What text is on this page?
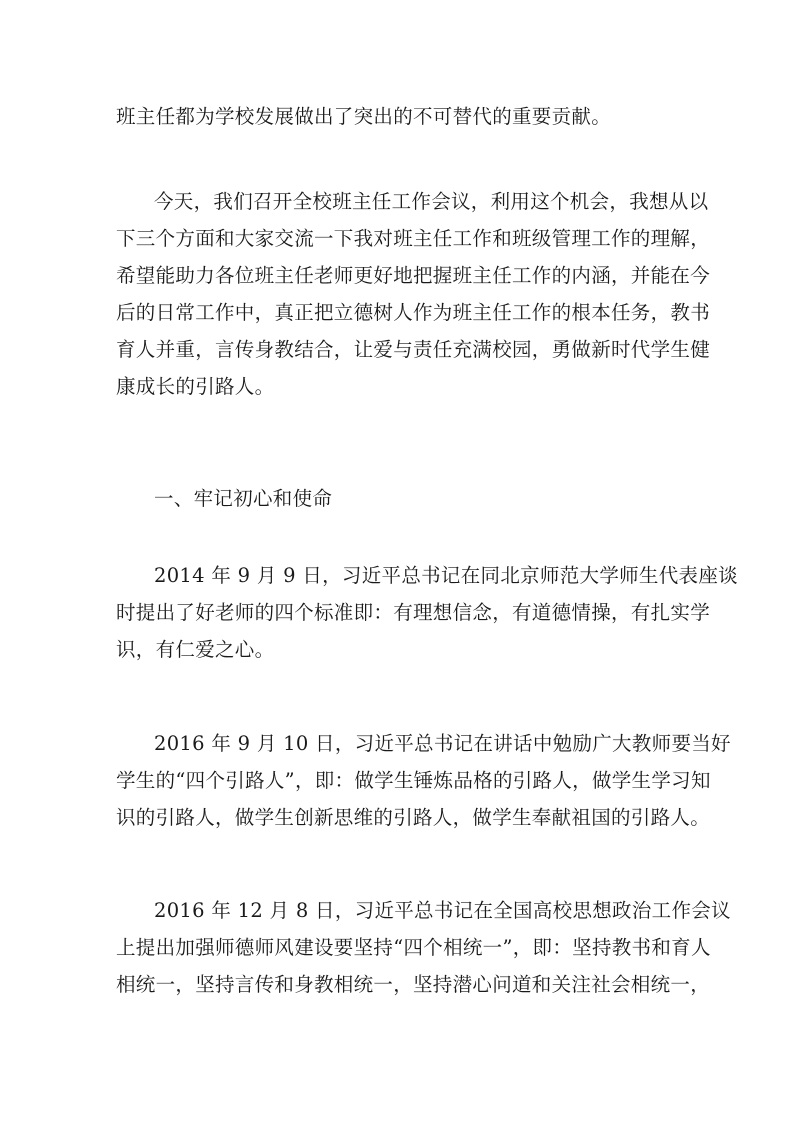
班主任都为学校发展做出了突出的不可替代的重要贡献。
今天，我们召开全校班主任工作会议，利用这个机会，我想从以
下三个方面和大家交流一下我对班主任工作和班级管理工作的理解，
希望能助力各位班主任老师更好地把握班主任工作的内涵，并能在今
后的日常工作中，真正把立德树人作为班主任工作的根本任务，教书
育人并重，言传身教结合，让爱与责任充满校园，勇做新时代学生健
康成长的引路人。
一、牢记初心和使命
2014 年 9 月 9 日，习近平总书记在同北京师范大学师生代表座谈
时提出了好老师的四个标准即：有理想信念，有道德情操，有扎实学
识，有仁爱之心。
2016 年 9 月 10 日，习近平总书记在讲话中勉励广大教师要当好
学生的“四个引路人”，即：做学生锤炼品格的引路人，做学生学习知
识的引路人，做学生创新思维的引路人，做学生奉献祖国的引路人。
2016 年 12 月 8 日，习近平总书记在全国高校思想政治工作会议
上提出加强师德师风建设要坚持“四个相统一”，即：坚持教书和育人
相统一，坚持言传和身教相统一，坚持潜心问道和关注社会相统一，
